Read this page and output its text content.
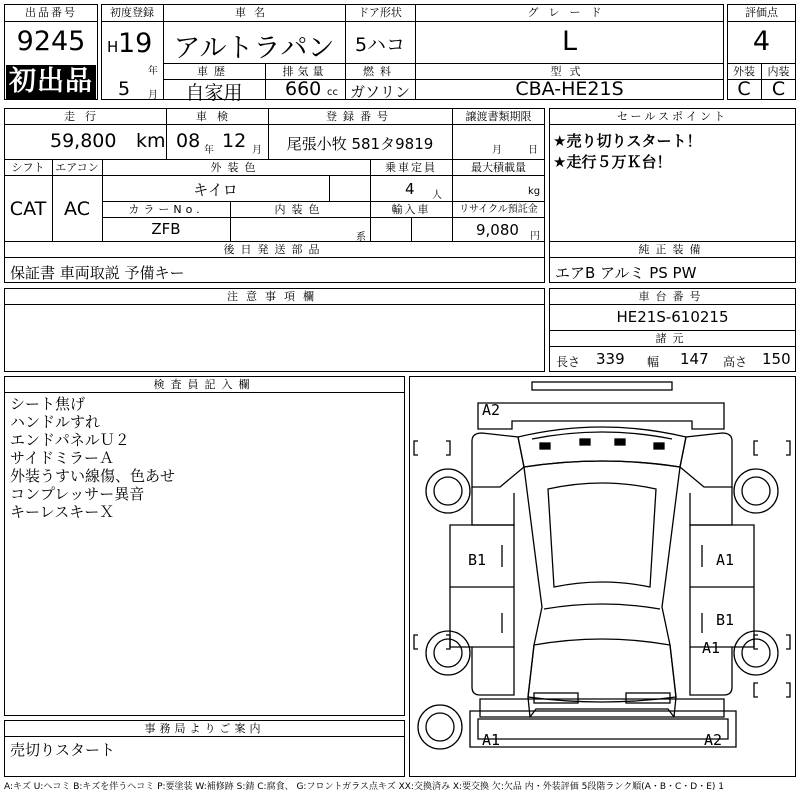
出品番号
9245
初出品
初度登録
H 19
年
5 月
車名
アルトラパン
ドア形状
5ハコ
グレード
L
車歴
自家用
排気量
660 cc
燃料
ガソリン
型式
CBA-HE21S
評価点
4
外装	内装
C	C
走行
59,800 km
車検
08 年 12 月
登録番号
尾張小牧 581タ9819
譲渡書類期限
月	日
シフト
CAT
エアコン
AC
外装色
キイロ
乗車定員
4 人
最大積載量
kg
カラーNo.
ZFB
内装色
系
輸入車	リサイクル預託金
9,080 円
後日発送部品
保証書 車両取説 予備キー
セールスポイント
★売り切りスタート！
★走行５万Ｋ台！
純正装備
エアB アルミ PS PW
注意事項欄	車台番号
HE21S-610215
諸元
長さ 339 幅 147 高さ 150
検査員記入欄
シート焦げ
ハンドルすれ
エンドパネルＵ２
サイドミラーＡ
外装うすい線傷、色あせ
コンプレッサー異音
キーレスキーＸ
事務局よりご案内
売切りスタート
A2
B1	A1
B1
A1
A1	A2
A:キズ U:ヘコミ B:キズを伴うヘコミ P:要塗装 W:補修跡 S:錆 C:腐食、 G:フロントガラス点キズ XX:交換済み X:要交換 欠:欠品 内・外装評価 5段階ランク順(A・B・C・D・E) 1
